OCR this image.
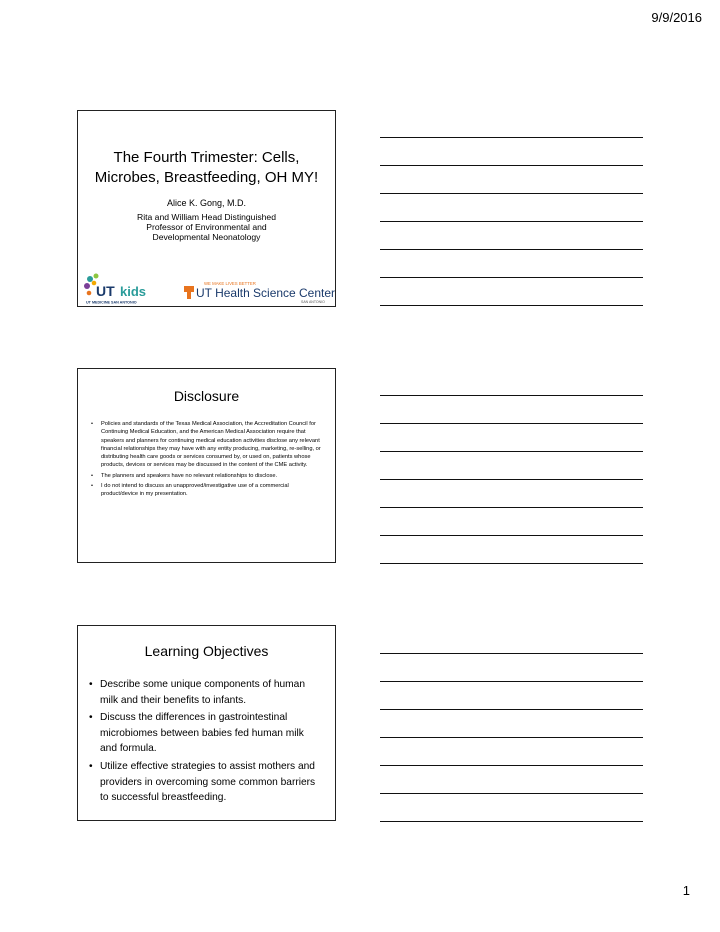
9/9/2016
The Fourth Trimester: Cells,
Microbes, Breastfeeding, OH MY!
Alice K. Gong, M.D.
Rita and William Head Distinguished
Professor of Environmental and
Developmental Neonatology
UT kids
UT MEDICINE SAN ANTONIO
WE MAKE LIVES BETTER
UT Health Science Center
SAN ANTONIO
Disclosure
• Policies and standards of the Texas Medical Association, the Accreditation Council for Continuing Medical Education, and the American Medical Association require that speakers and planners for continuing medical education activities disclose any relevant financial relationships they may have with any entity producing, marketing, re-selling, or distributing health care goods or services consumed by, or used on, patients whose products, devices or services may be discussed in the content of the CME activity.
• The planners and speakers have no relevant relationships to disclose.
• I do not intend to discuss an unapproved/investigative use of a commercial product/device in my presentation.
Learning Objectives
• Describe some unique components of human milk and their benefits to infants.
• Discuss the differences in gastrointestinal microbiomes between babies fed human milk and formula.
• Utilize effective strategies to assist mothers and providers in overcoming some common barriers to successful breastfeeding.
1
